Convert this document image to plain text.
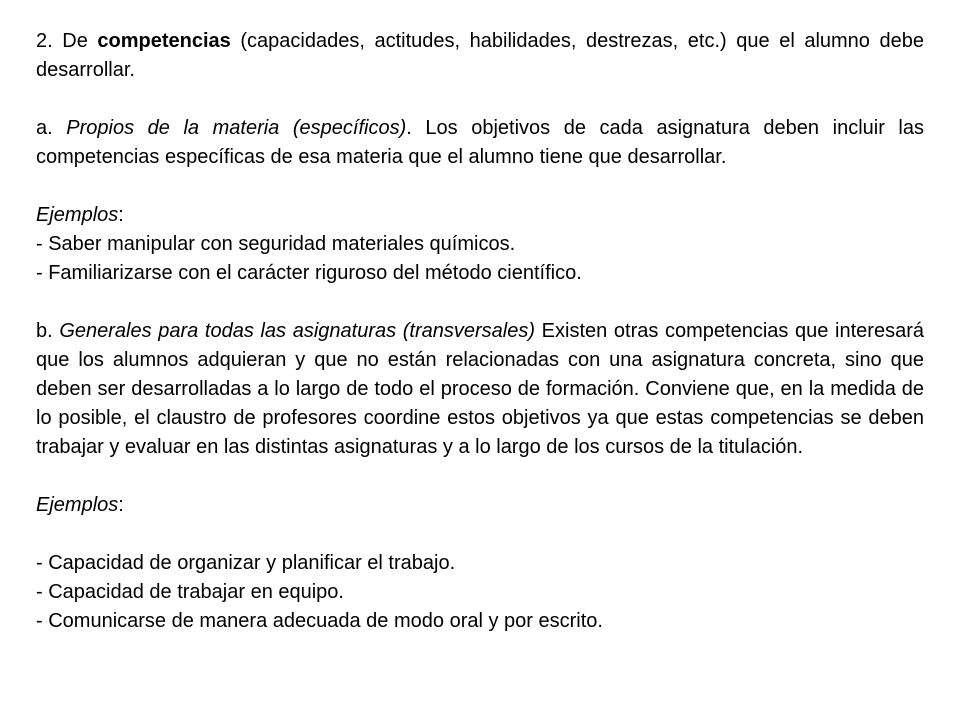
2. De competencias (capacidades, actitudes, habilidades, destrezas, etc.) que el alumno debe desarrollar.

a. Propios de la materia (específicos). Los objetivos de cada asignatura deben incluir las competencias específicas de esa materia que el alumno tiene que desarrollar.

Ejemplos:

- Saber manipular con seguridad materiales químicos.

- Familiarizarse con el carácter riguroso del método científico.

b. Generales para todas las asignaturas (transversales) Existen otras competencias que interesará que los alumnos adquieran y que no están relacionadas con una asignatura concreta, sino que deben ser desarrolladas a lo largo de todo el proceso de formación. Conviene que, en la medida de lo posible, el claustro de profesores coordine estos objetivos ya que estas competencias se deben trabajar y evaluar en las distintas asignaturas y a lo largo de los cursos de la titulación.

Ejemplos:

- Capacidad de organizar y planificar el trabajo.

- Capacidad de trabajar en equipo.

- Comunicarse de manera adecuada de modo oral y por escrito.
